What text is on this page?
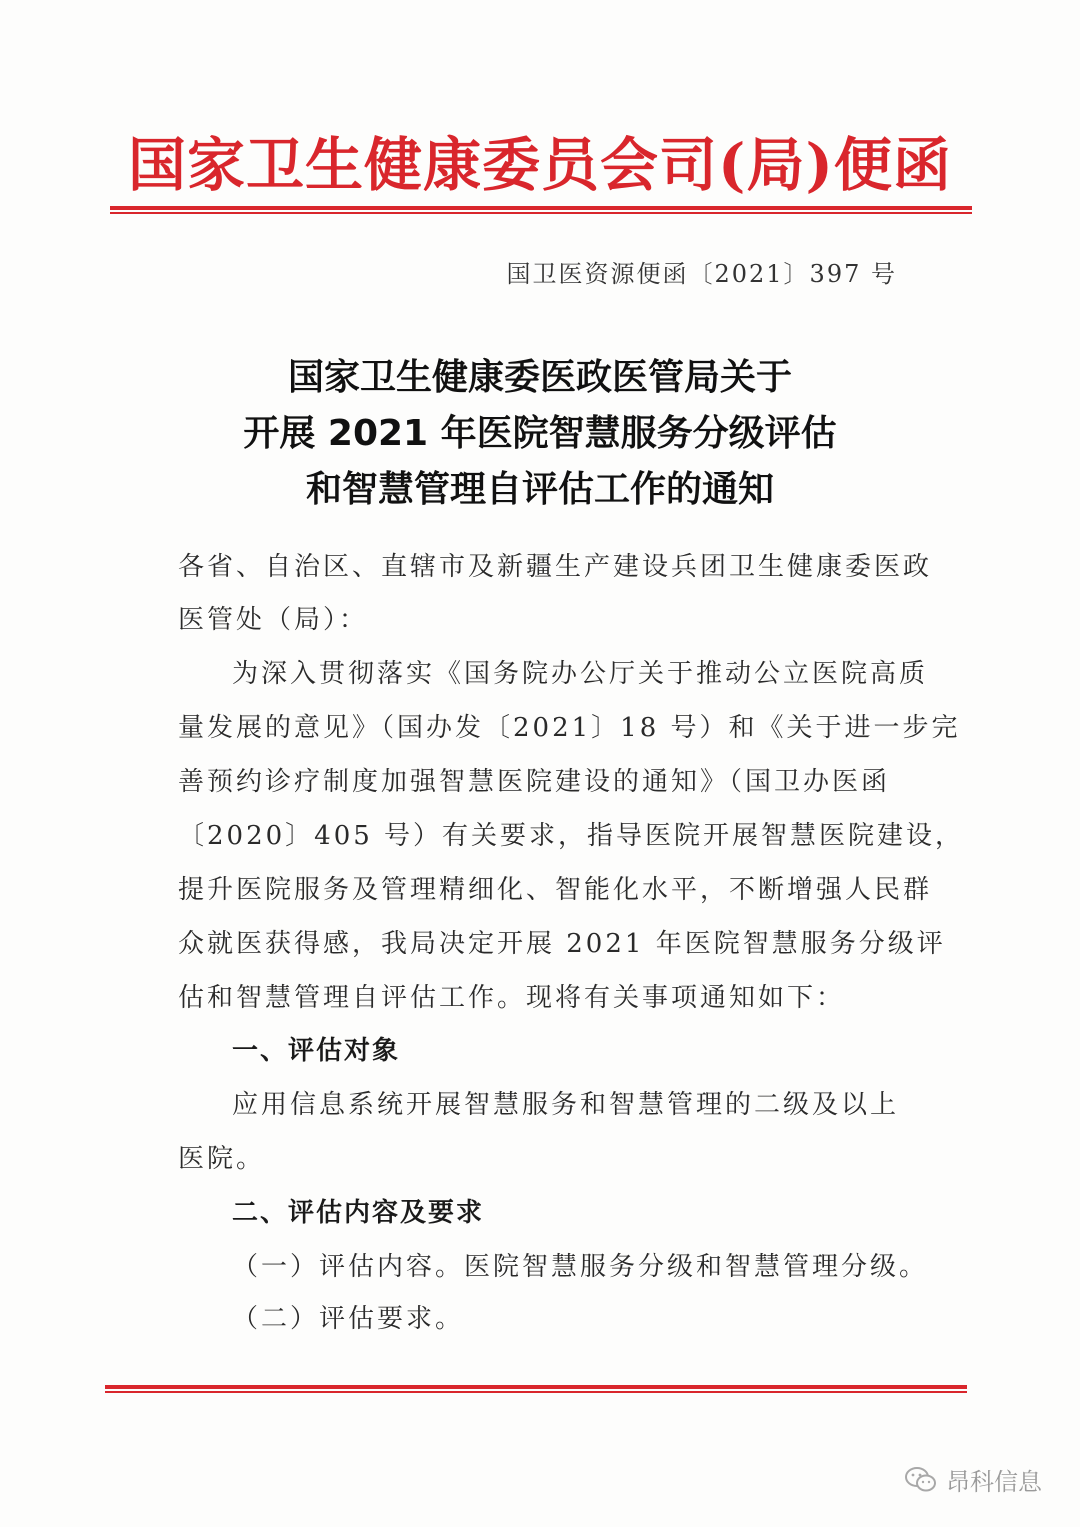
国家卫生健康委员会司(局)便函
国卫医资源便函〔2021〕397 号
国家卫生健康委医政医管局关于
开展 2021 年医院智慧服务分级评估
和智慧管理自评估工作的通知
各省、自治区、直辖市及新疆生产建设兵团卫生健康委医政
医管处（局）：
为深入贯彻落实《国务院办公厅关于推动公立医院高质
量发展的意见》（国办发〔2021〕18 号）和《关于进一步完
善预约诊疗制度加强智慧医院建设的通知》（国卫办医函
〔2020〕405 号）有关要求，指导医院开展智慧医院建设，
提升医院服务及管理精细化、智能化水平，不断增强人民群
众就医获得感，我局决定开展 2021 年医院智慧服务分级评
估和智慧管理自评估工作。现将有关事项通知如下：
一、评估对象
应用信息系统开展智慧服务和智慧管理的二级及以上
医院。
二、评估内容及要求
（一）评估内容。医院智慧服务分级和智慧管理分级。
（二）评估要求。
昂科信息
